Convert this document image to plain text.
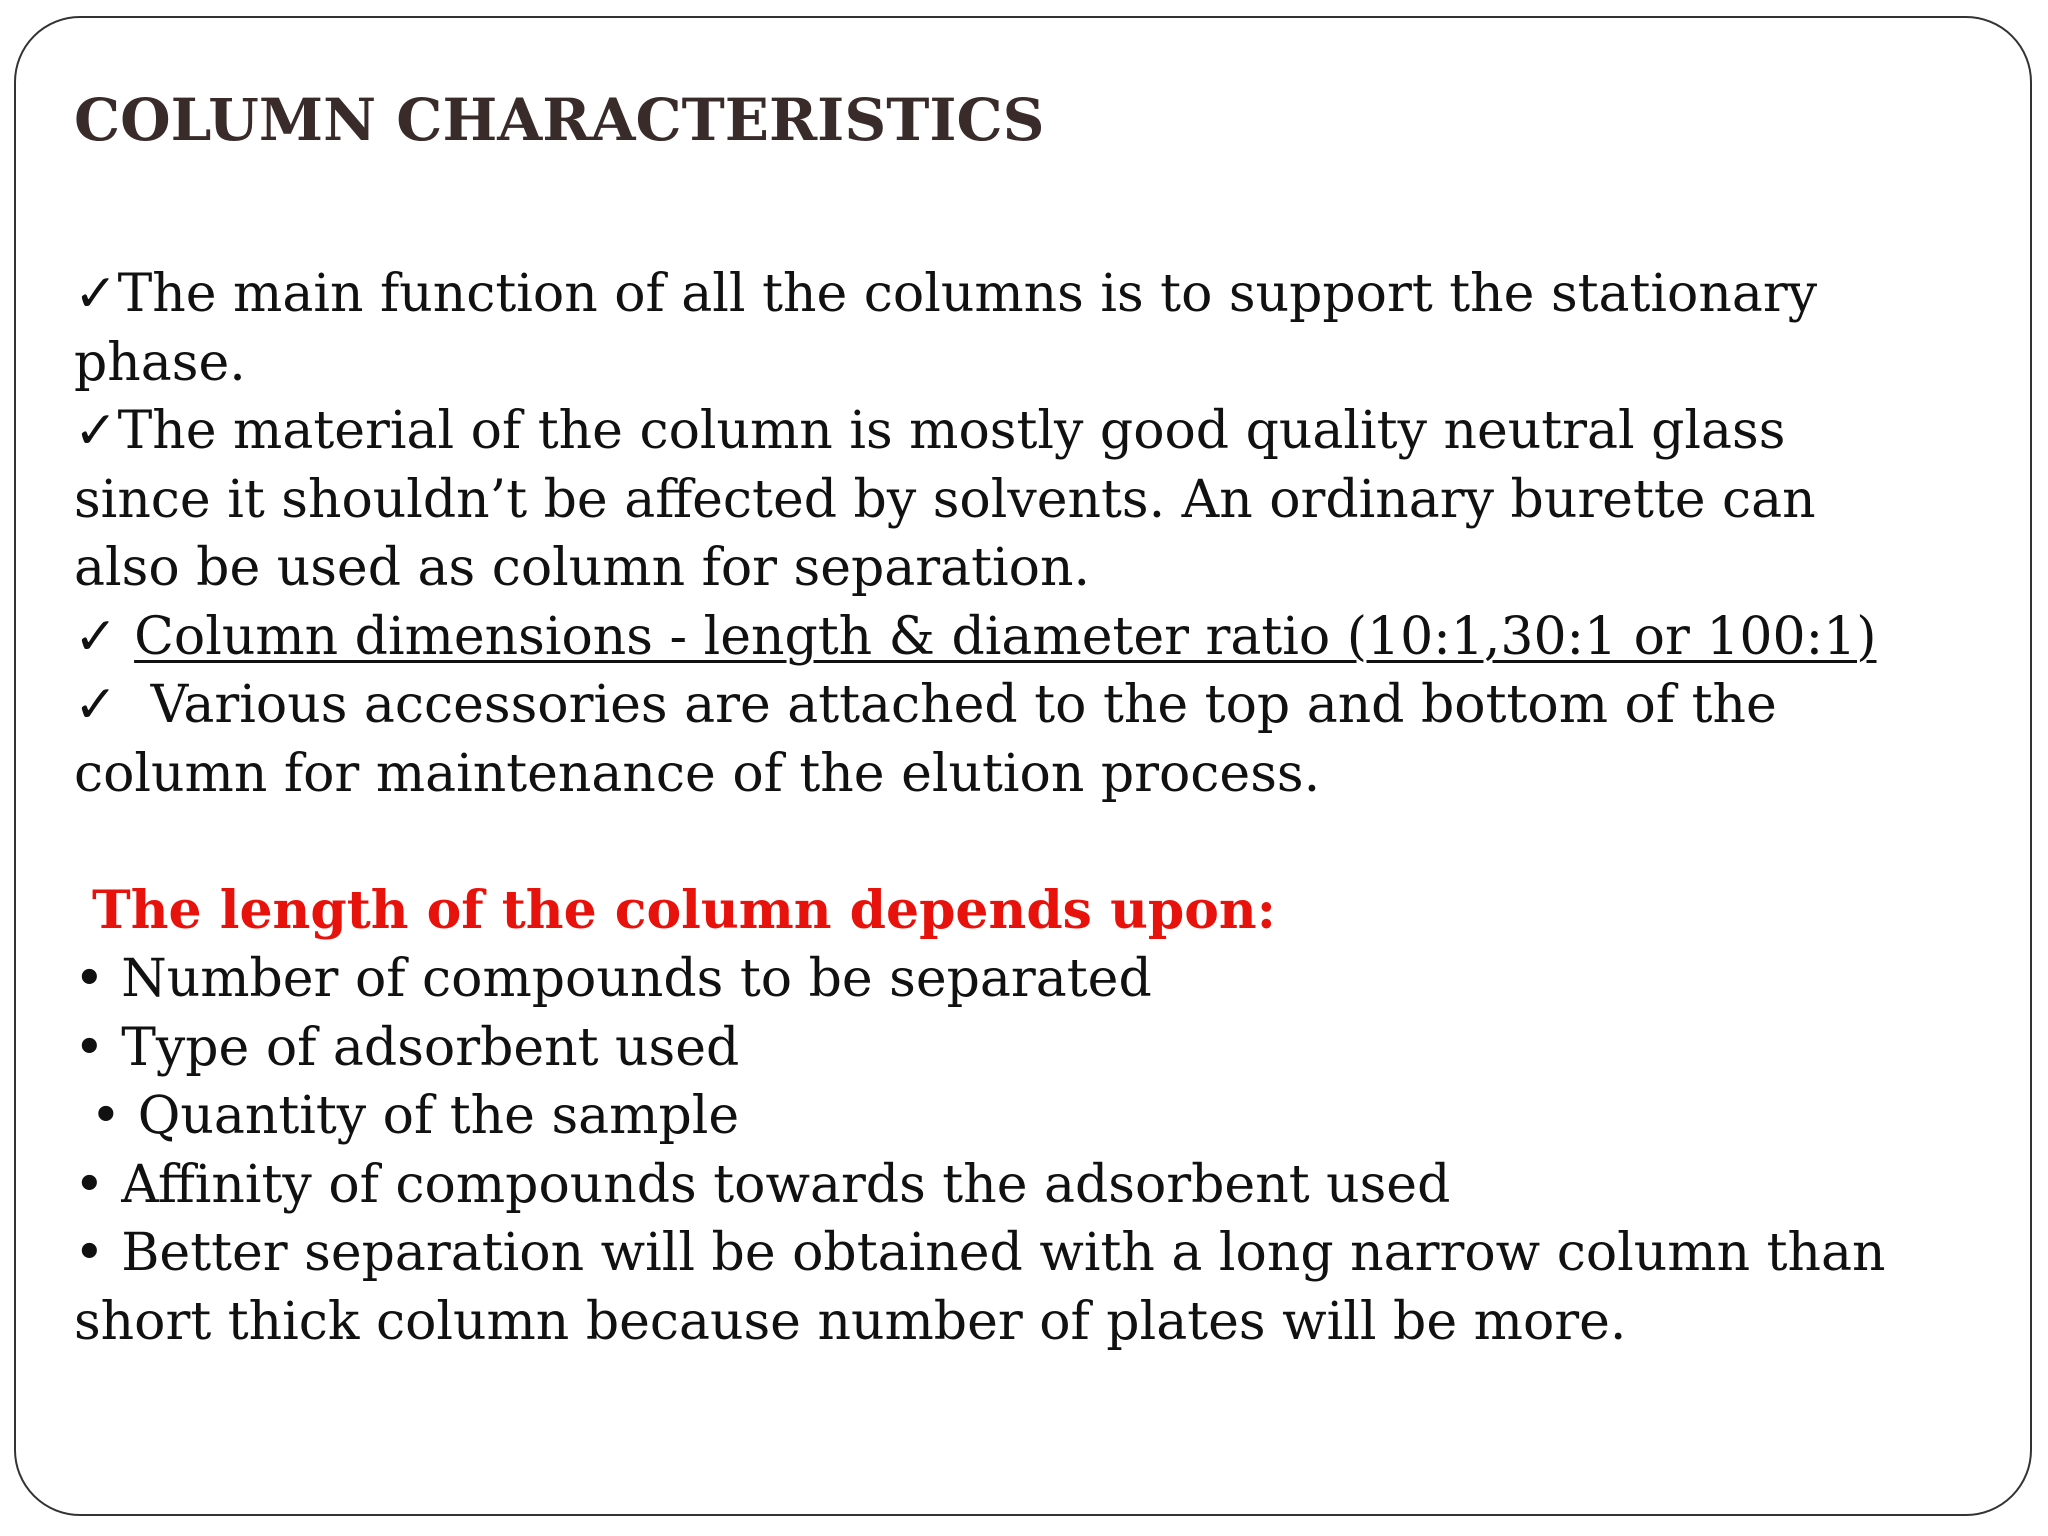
COLUMN CHARACTERISTICS
✓The main function of all the columns is to support the stationary
phase.
✓The material of the column is mostly good quality neutral glass
since it shouldn’t be affected by solvents. An ordinary burette can
also be used as column for separation.
✓ Column dimensions - length & diameter ratio (10:1,30:1 or 100:1)
✓  Various accessories are attached to the top and bottom of the
column for maintenance of the elution process.
The length of the column depends upon:
• Number of compounds to be separated
• Type of adsorbent used
• Quantity of the sample
• Affinity of compounds towards the adsorbent used
• Better separation will be obtained with a long narrow column than
short thick column because number of plates will be more.
